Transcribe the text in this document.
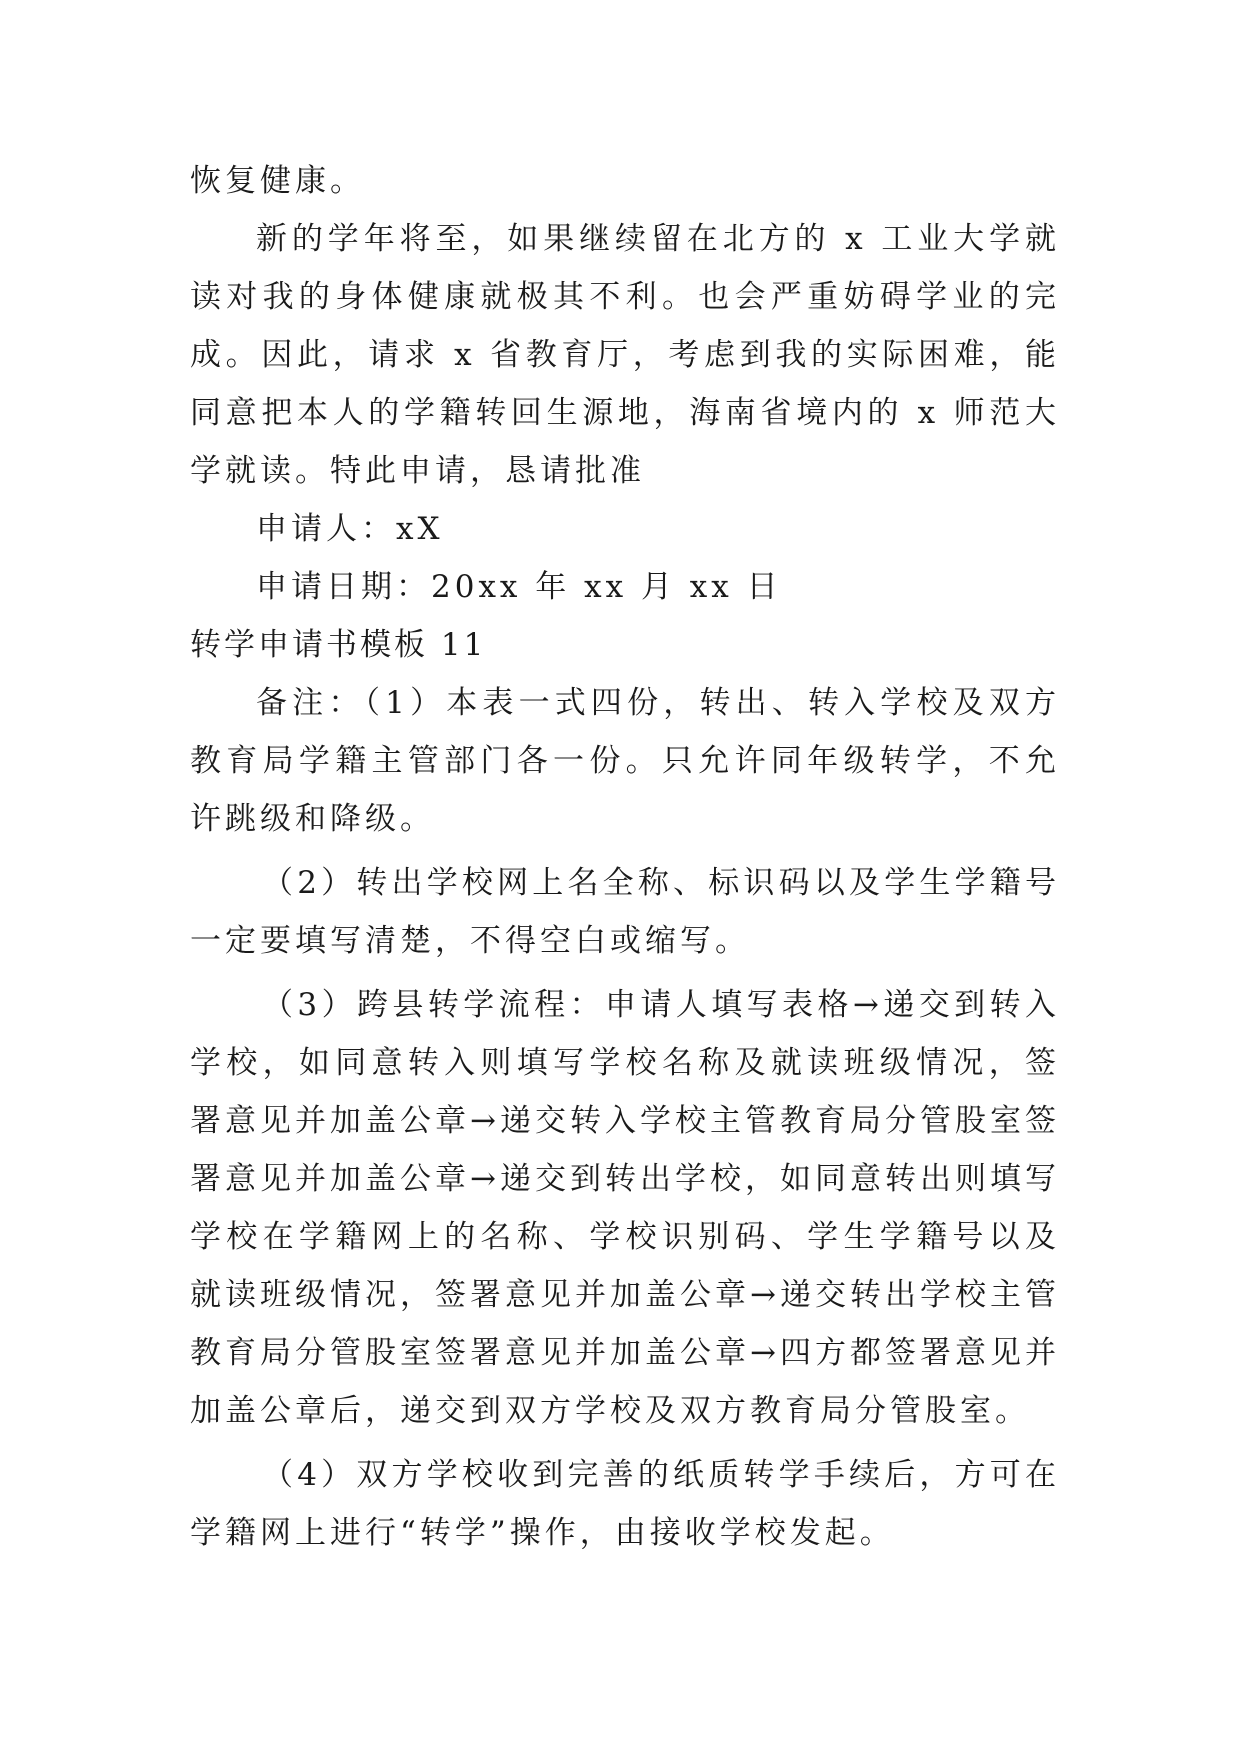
恢复健康。

新的学年将至，如果继续留在北方的 x 工业大学就读对我的身体健康就极其不利。也会严重妨碍学业的完成。因此，请求 x 省教育厅，考虑到我的实际困难，能同意把本人的学籍转回生源地，海南省境内的 x 师范大学就读。特此申请，恳请批准

申请人：xX

申请日期：20xx 年 xx 月 xx 日

转学申请书模板 11

备注：（1）本表一式四份，转出、转入学校及双方教育局学籍主管部门各一份。只允许同年级转学，不允许跳级和降级。

（2）转出学校网上名全称、标识码以及学生学籍号一定要填写清楚，不得空白或缩写。

（3）跨县转学流程：申请人填写表格→递交到转入学校，如同意转入则填写学校名称及就读班级情况，签署意见并加盖公章→递交转入学校主管教育局分管股室签署意见并加盖公章→递交到转出学校，如同意转出则填写学校在学籍网上的名称、学校识别码、学生学籍号以及就读班级情况，签署意见并加盖公章→递交转出学校主管教育局分管股室签署意见并加盖公章→四方都签署意见并加盖公章后，递交到双方学校及双方教育局分管股室。

（4）双方学校收到完善的纸质转学手续后，方可在学籍网上进行“转学”操作，由接收学校发起。
